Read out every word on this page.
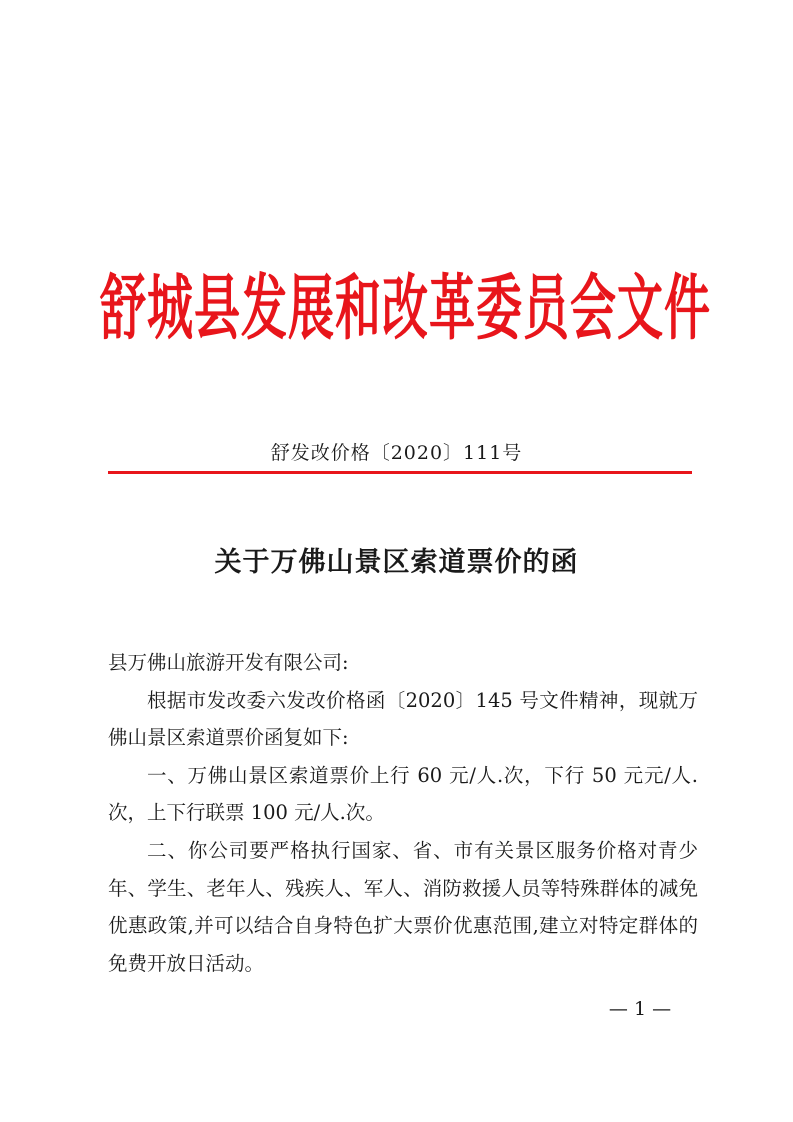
舒城县发展和改革委员会文件
舒发改价格〔2020〕111号
关于万佛山景区索道票价的函

县万佛山旅游开发有限公司:

根据市发改委六发改价格函〔2020〕145 号文件精神，现就万佛山景区索道票价函复如下:

一、万佛山景区索道票价上行 60 元/人.次，下行 50 元元/人.次，上下行联票 100 元/人.次。

二、你公司要严格执行国家、省、市有关景区服务价格对青少年、学生、老年人、残疾人、军人、消防救援人员等特殊群体的减免优惠政策,并可以结合自身特色扩大票价优惠范围,建立对特定群体的免费开放日活动。

— 1 —
